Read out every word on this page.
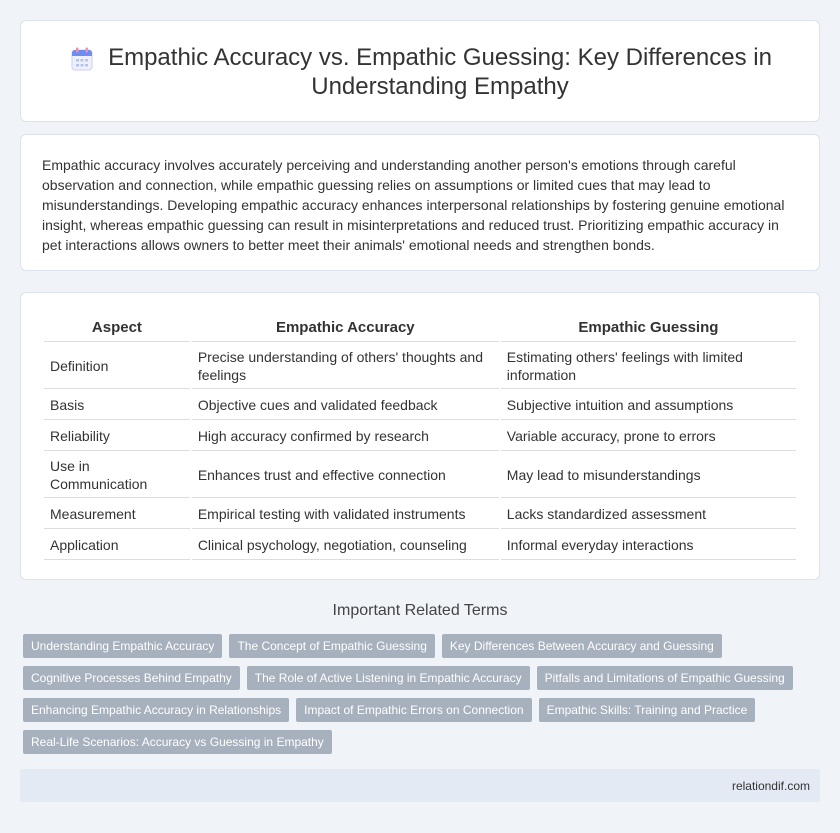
Empathic Accuracy vs. Empathic Guessing: Key Differences in Understanding Empathy

Empathic accuracy involves accurately perceiving and understanding another person's emotions through careful observation and connection, while empathic guessing relies on assumptions or limited cues that may lead to misunderstandings. Developing empathic accuracy enhances interpersonal relationships by fostering genuine emotional insight, whereas empathic guessing can result in misinterpretations and reduced trust. Prioritizing empathic accuracy in pet interactions allows owners to better meet their animals' emotional needs and strengthen bonds.

Aspect	Empathic Accuracy	Empathic Guessing
Definition	Precise understanding of others' thoughts and feelings	Estimating others' feelings with limited information
Basis	Objective cues and validated feedback	Subjective intuition and assumptions
Reliability	High accuracy confirmed by research	Variable accuracy, prone to errors
Use in Communication	Enhances trust and effective connection	May lead to misunderstandings
Measurement	Empirical testing with validated instruments	Lacks standardized assessment
Application	Clinical psychology, negotiation, counseling	Informal everyday interactions
Important Related Terms
Understanding Empathic Accuracy	The Concept of Empathic Guessing	Key Differences Between Accuracy and Guessing
Cognitive Processes Behind Empathy	The Role of Active Listening in Empathic Accuracy	Pitfalls and Limitations of Empathic Guessing
Enhancing Empathic Accuracy in Relationships	Impact of Empathic Errors on Connection	Empathic Skills: Training and Practice
Real-Life Scenarios: Accuracy vs Guessing in Empathy
relationdif.com
